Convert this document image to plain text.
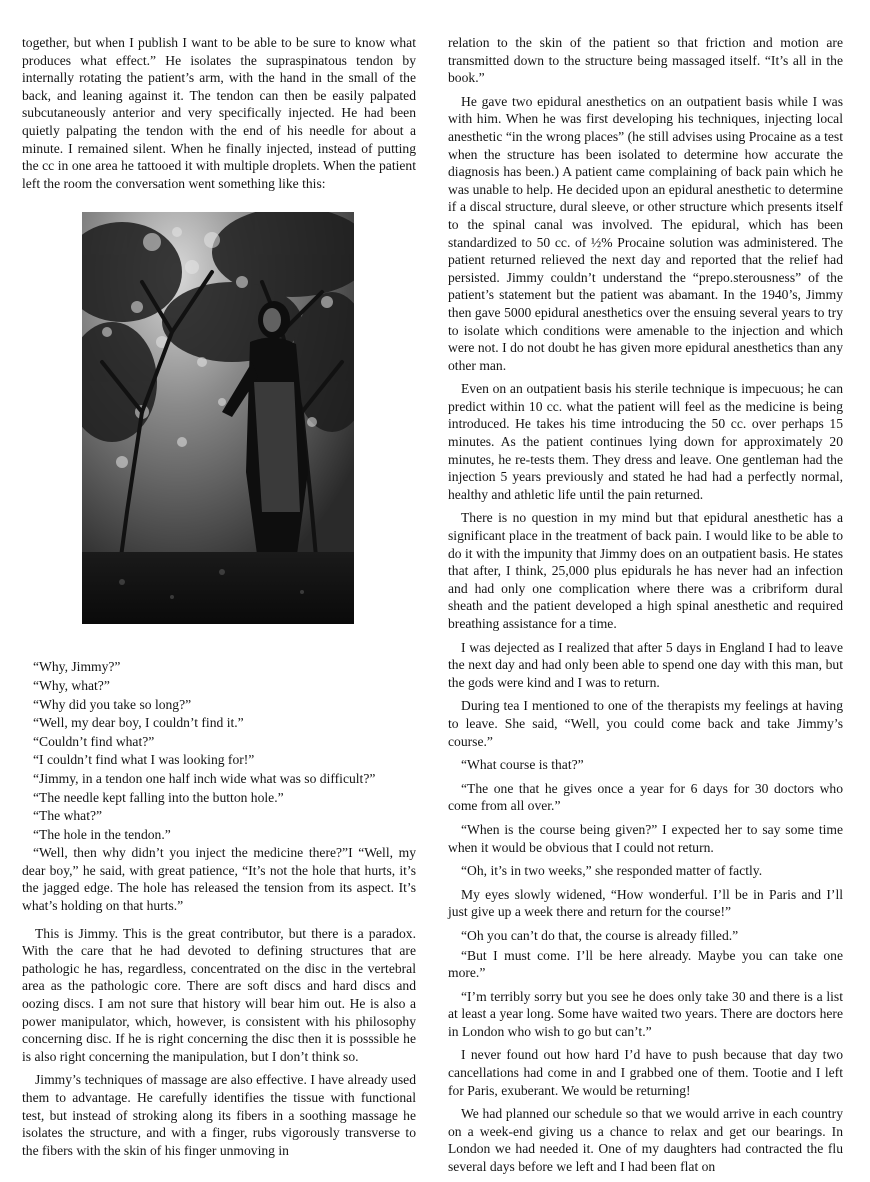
together, but when I publish I want to be able to be sure to know what produces what effect.” He isolates the supraspinatous tendon by internally rotating the patient’s arm, with the hand in the small of the back, and leaning against it. The tendon can then be easily palpated subcutaneously anterior and very specifically injected. He had been quietly palpating the tendon with the end of his needle for about a minute. I remained silent. When he finally injected, instead of putting the cc in one area he tattooed it with multiple droplets. When the patient left the room the conversation went something like this:

“Why, Jimmy?”

“Why, what?”

“Why did you take so long?”

“Well, my dear boy, I couldn’t find it.”

“Couldn’t find what?”

“I couldn’t find what I was looking for!”

“Jimmy, in a tendon one half inch wide what was so difficult?”

“The needle kept falling into the button hole.”

“The what?”

“The hole in the tendon.”

“Well, then why didn’t you inject the medicine there?”I “Well, my dear boy,” he said, with great patience, “It’s not the hole that hurts, it’s the jagged edge. The hole has released the tension from its aspect. It’s what’s holding on that hurts.”

This is Jimmy. This is the great contributor, but there is a paradox. With the care that he had devoted to defining structures that are pathologic he has, regardless, concentrated on the disc in the vertebral area as the pathologic core. There are soft discs and hard discs and oozing discs. I am not sure that history will bear him out. He is also a power manipulator, which, however, is consistent with his philosophy concerning disc. If he is right concerning the disc then it is posssible he is also right concerning the manipulation, but I don’t think so.

Jimmy’s techniques of massage are also effective. I have already used them to advantage. He carefully identifies the tissue with functional test, but instead of stroking along its fibers in a soothing massage he isolates the structure, and with a finger, rubs vigorously transverse to the fibers with the skin of his finger unmoving in

relation to the skin of the patient so that friction and motion are transmitted down to the structure being massaged itself. “It’s all in the book.”

He gave two epidural anesthetics on an outpatient basis while I was with him. When he was first developing his techniques, injecting local anesthetic “in the wrong places” (he still advises using Procaine as a test when the structure has been isolated to determine how accurate the diagnosis has been.) A patient came complaining of back pain which he was unable to help. He decided upon an epidural anesthetic to determine if a discal structure, dural sleeve, or other structure which presents itself to the spinal canal was involved. The epidural, which has been standardized to 50 cc. of ½% Procaine solution was administered. The patient returned relieved the next day and reported that the relief had persisted. Jimmy couldn’t understand the “prepo.sterousness” of the patient’s statement but the patient was abamant. In the 1940’s, Jimmy then gave 5000 epidural anesthetics over the ensuing several years to try to isolate which conditions were amenable to the injection and which were not. I do not doubt he has given more epidural anesthetics than any other man.

Even on an outpatient basis his sterile technique is impecuous; he can predict within 10 cc. what the patient will feel as the medicine is being introduced. He takes his time introducing the 50 cc. over perhaps 15 minutes. As the patient continues lying down for approximately 20 minutes, he re-tests them. They dress and leave. One gentleman had the injection 5 years previously and stated he had had a perfectly normal, healthy and athletic life until the pain returned.

There is no question in my mind but that epidural anesthetic has a significant place in the treatment of back pain. I would like to be able to do it with the impunity that Jimmy does on an outpatient basis. He states that after, I think, 25,000 plus epidurals he has never had an infection and had only one complication where there was a cribriform dural sheath and the patient developed a high spinal anesthetic and required breathing assistance for a time.

I was dejected as I realized that after 5 days in England I had to leave the next day and had only been able to spend one day with this man, but the gods were kind and I was to return.

During tea I mentioned to one of the therapists my feelings at having to leave. She said, “Well, you could come back and take Jimmy’s course.”

“What course is that?”

“The one that he gives once a year for 6 days for 30 doctors who come from all over.”

“When is the course being given?” I expected her to say some time when it would be obvious that I could not return.

“Oh, it’s in two weeks,” she responded matter of factly.

My eyes slowly widened, “How wonderful. I’ll be in Paris and I’ll just give up a week there and return for the course!”

“Oh you can’t do that, the course is already filled.”

“But I must come. I’ll be here already. Maybe you can take one more.”

“I’m terribly sorry but you see he does only take 30 and there is a list at least a year long. Some have waited two years. There are doctors here in London who wish to go but can’t.”

I never found out how hard I’d have to push because that day two cancellations had come in and I grabbed one of them. Tootie and I left for Paris, exuberant. We would be returning!

We had planned our schedule so that we would arrive in each country on a week-end giving us a chance to relax and get our bearings. In London we had needed it. One of my daughters had contracted the flu several days before we left and I had been flat on
